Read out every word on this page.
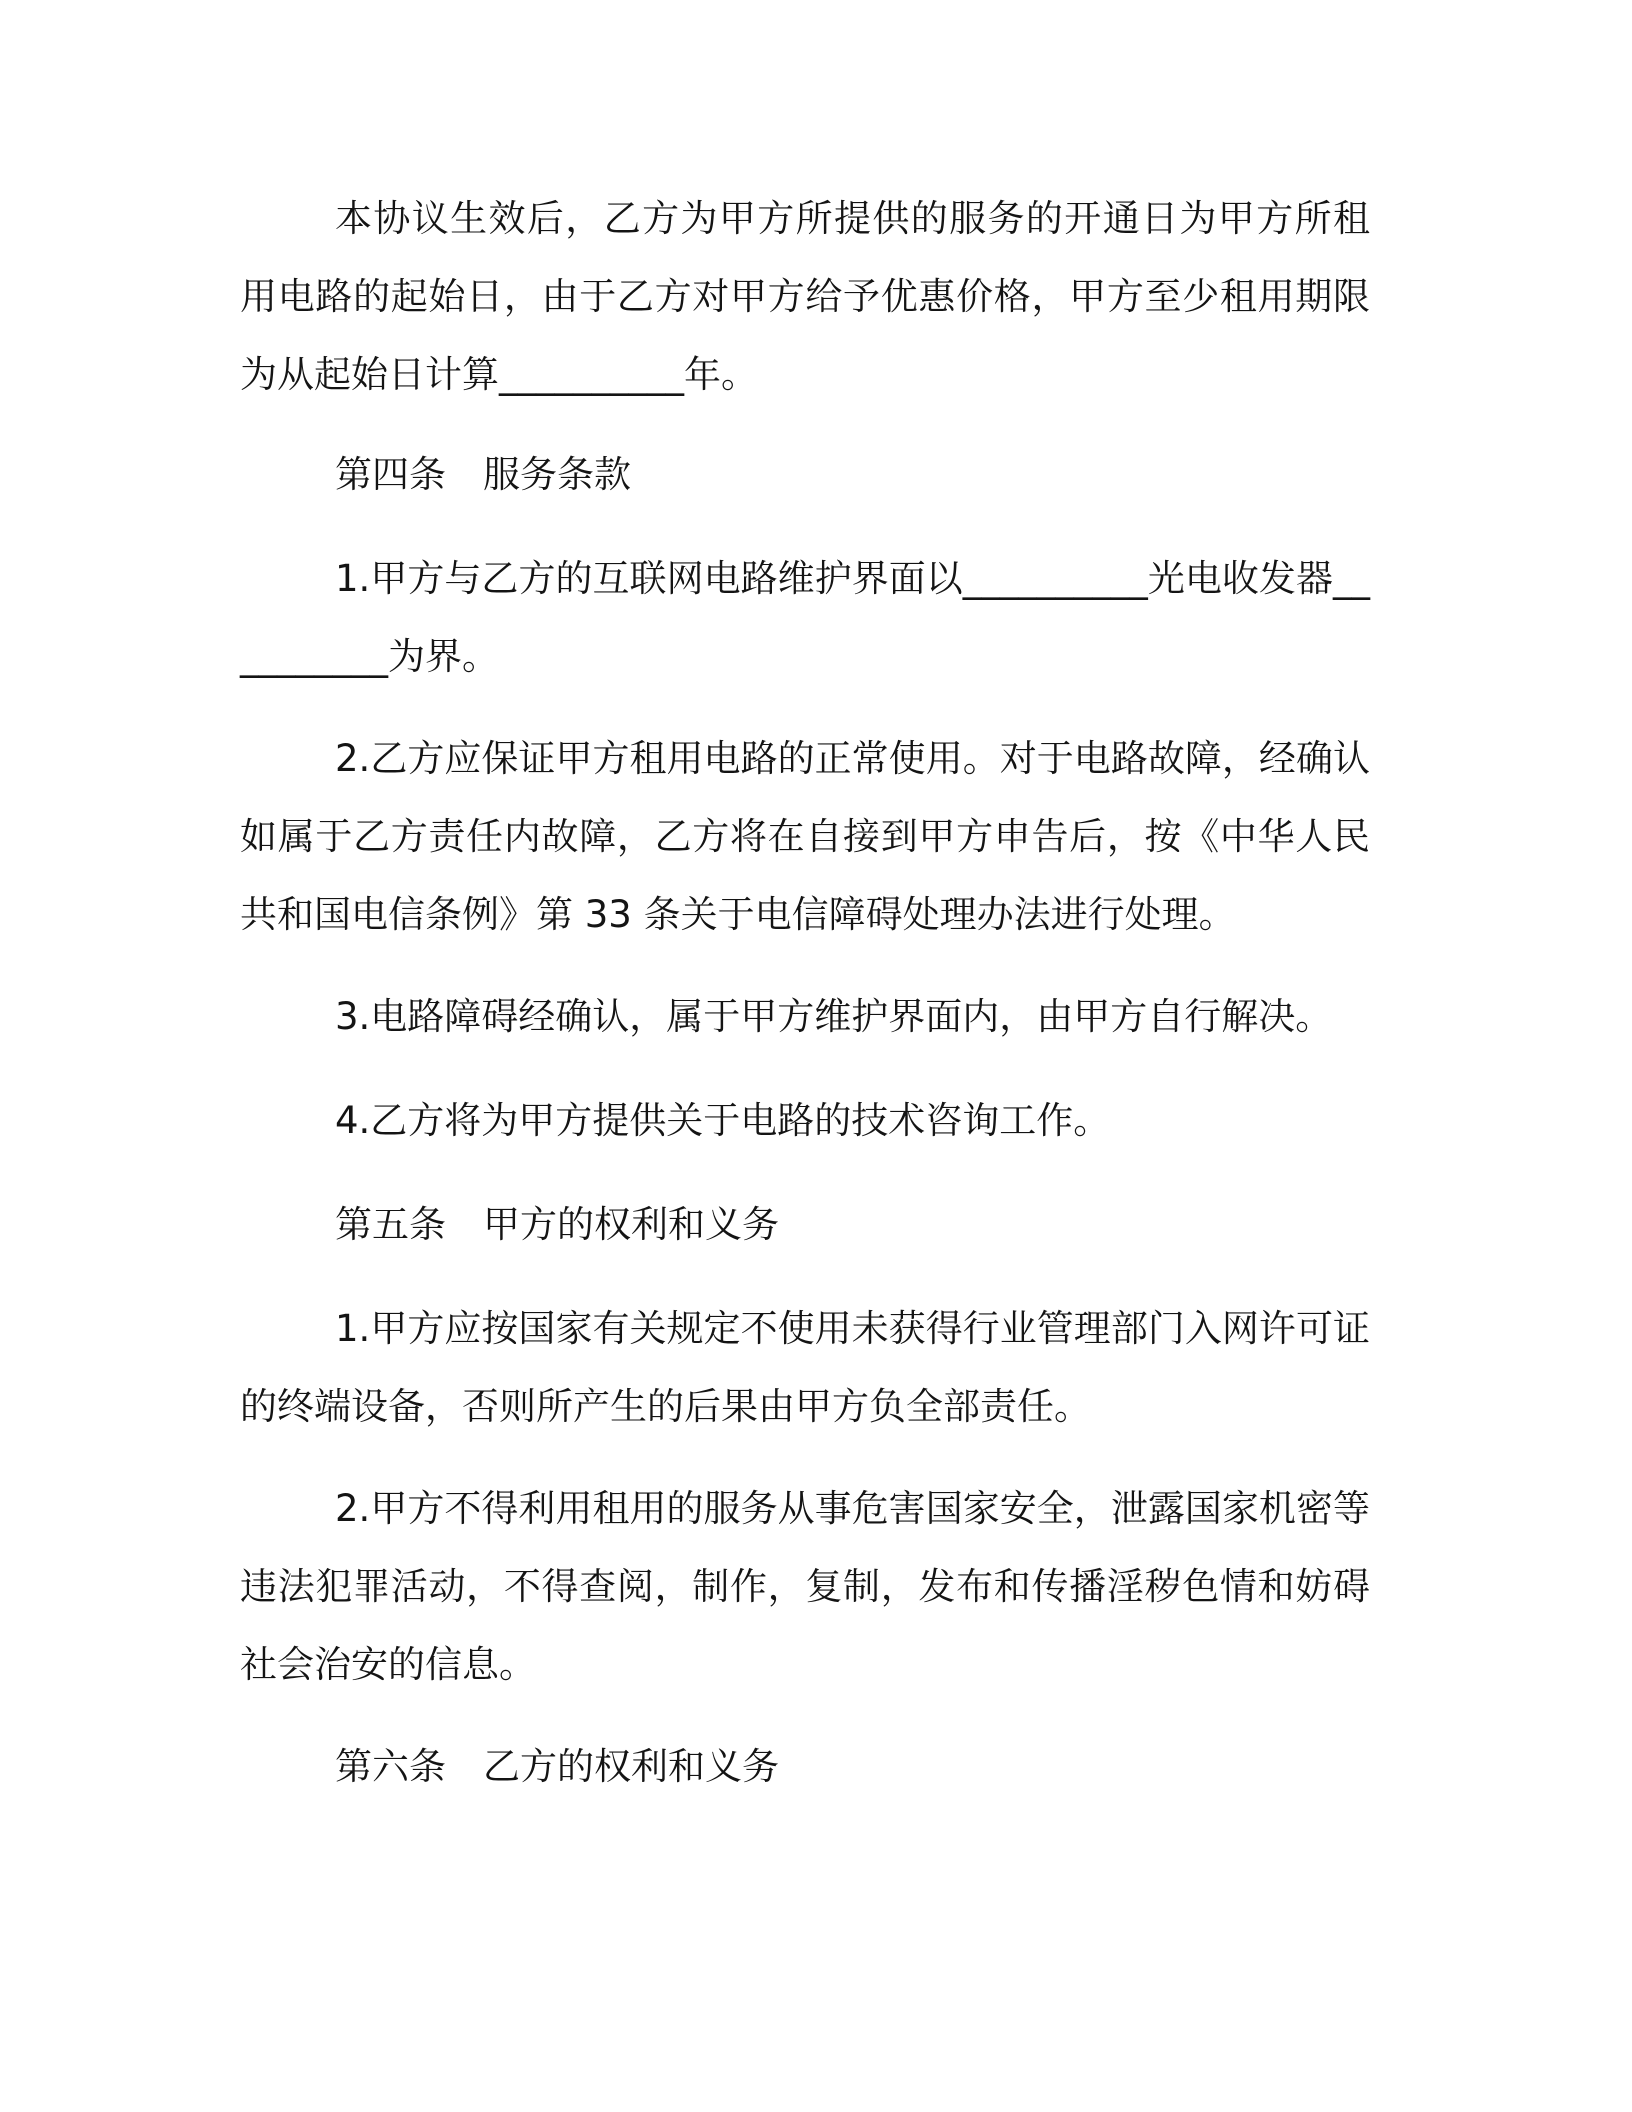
本协议生效后，乙方为甲方所提供的服务的开通日为甲方所租用电路的起始日，由于乙方对甲方给予优惠价格，甲方至少租用期限为从起始日计算__________年。

第四条　服务条款

1.甲方与乙方的互联网电路维护界面以__________光电收发器__________为界。

2.乙方应保证甲方租用电路的正常使用。对于电路故障，经确认如属于乙方责任内故障，乙方将在自接到甲方申告后，按《中华人民共和国电信条例》第 33 条关于电信障碍处理办法进行处理。

3.电路障碍经确认，属于甲方维护界面内，由甲方自行解决。

4.乙方将为甲方提供关于电路的技术咨询工作。

第五条　甲方的权利和义务

1.甲方应按国家有关规定不使用未获得行业管理部门入网许可证的终端设备，否则所产生的后果由甲方负全部责任。

2.甲方不得利用租用的服务从事危害国家安全，泄露国家机密等违法犯罪活动，不得查阅，制作，复制，发布和传播淫秽色情和妨碍社会治安的信息。

第六条　乙方的权利和义务
